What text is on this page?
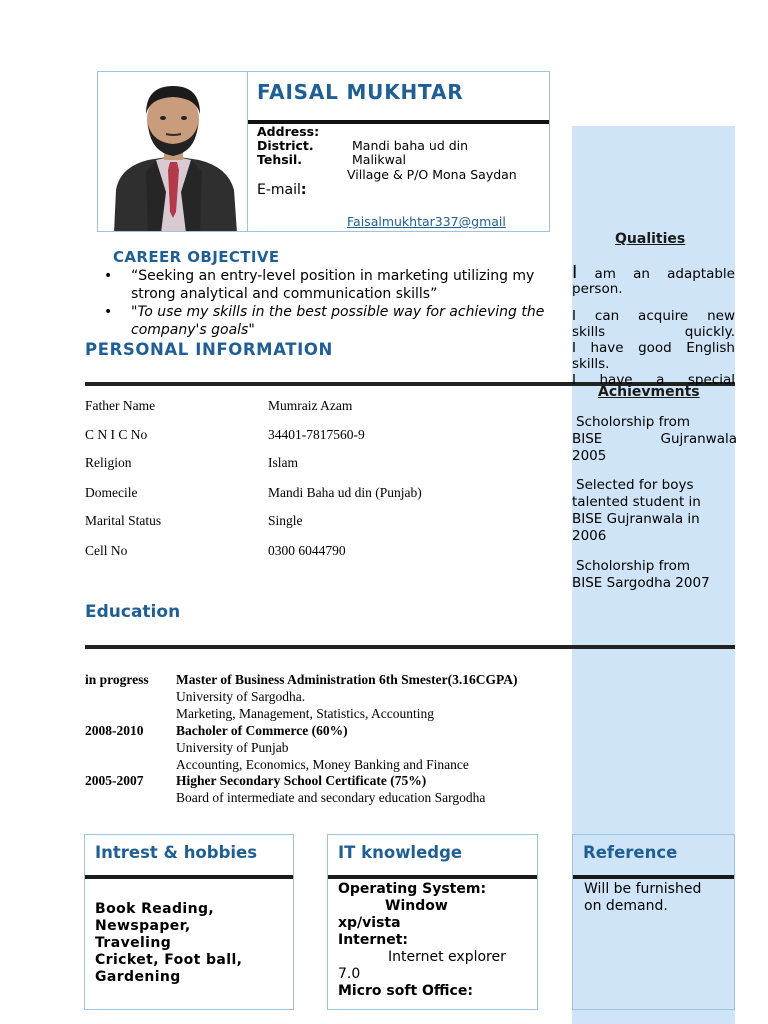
FAISAL MUKHTAR
Address:
District.	Mandi baha ud din
Tehsil.	Malikwal
Village & P/O Mona Saydan
E-mail:
Faisalmukhtar337@gmail
CAREER OBJECTIVE
• “Seeking an entry-level position in marketing utilizing my strong analytical and communication skills”
• "To use my skills in the best possible way for achieving the company's goals"
PERSONAL INFORMATION
Father Name	Mumraiz Azam
C N I C No	34401-7817560-9
Religion	Islam
Domecile	Mandi Baha ud din (Punjab)
Marital Status	Single
Cell No	0300 6044790
Education
in progress Master of Business Administration 6th Smester(3.16CGPA)
University of Sargodha.
Marketing, Management, Statistics, Accounting
2008-2010 Bacholer of Commerce (60%)
University of Punjab
Accounting, Economics, Money Banking and Finance
2005-2007 Higher Secondary School Certificate (75%)
Board of intermediate and secondary education Sargodha
Qualities
I am an adaptable
person.
I can acquire new
skills quickly.
I have good English
skills.
I have a special
Achievments
Scholorship from
BISE Gujranwala
2005
Selected for boys
talented student in
BISE Gujranwala in
2006
Scholorship from
BISE Sargodha 2007
Intrest & hobbies
Book Reading,
Newspaper,
Traveling
Cricket, Foot ball,
Gardening
IT knowledge
Operating System:
Window
xp/vista
Internet:
Internet explorer
7.0
Micro soft Office:
Reference
Will be furnished
on demand.
